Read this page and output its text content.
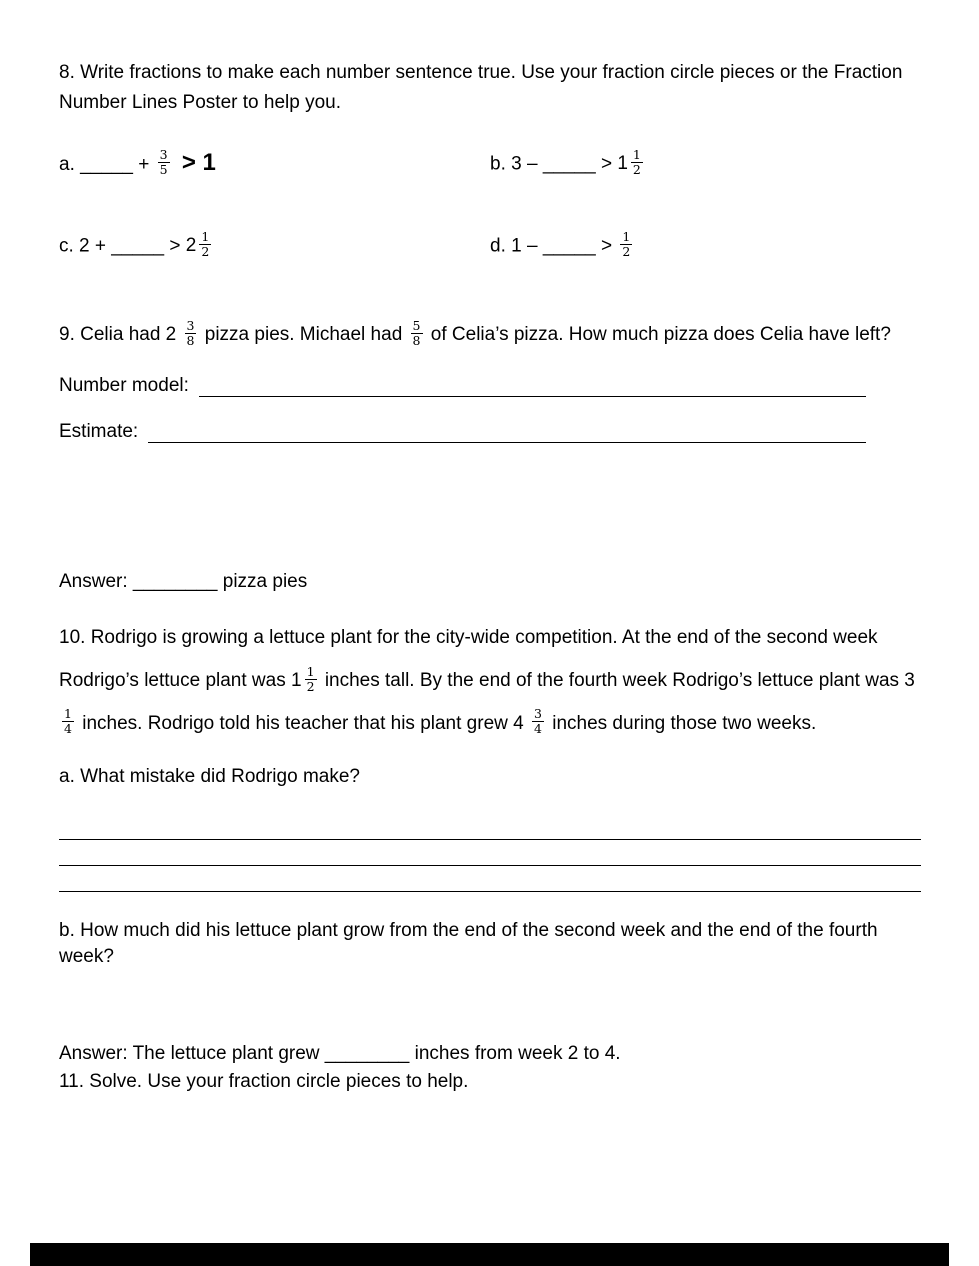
8. Write fractions to make each number sentence true. Use your fraction circle pieces or the Fraction Number Lines Poster to help you.

a. _____ + $\frac{3}{5} > 1$	b. 3 – _____ > $1 \frac{1}{2}$
c. 2 + _____ > $2 \frac{1}{2}$	d. 1 – _____ > $\frac{1}{2}$

9. Celia had $2 \frac{3}{8}$ pizza pies. Michael had $\frac{5}{8}$ of Celia’s pizza. How much pizza does Celia have left?

Number model:
Estimate:

Answer: ________ pizza pies

10. Rodrigo is growing a lettuce plant for the city-wide competition. At the end of the second week Rodrigo’s lettuce plant was $1 \frac{1}{2}$ inches tall. By the end of the fourth week Rodrigo’s lettuce plant was 3
$\frac{1}{4}$ inches. Rodrigo told his teacher that his plant grew $4 \frac{3}{4}$ inches during those two weeks.

a. What mistake did Rodrigo make?

b. How much did his lettuce plant grow from the end of the second week and the end of the fourth week?

Answer: The lettuce plant grew ________ inches from week 2 to 4.

11. Solve. Use your fraction circle pieces to help.
